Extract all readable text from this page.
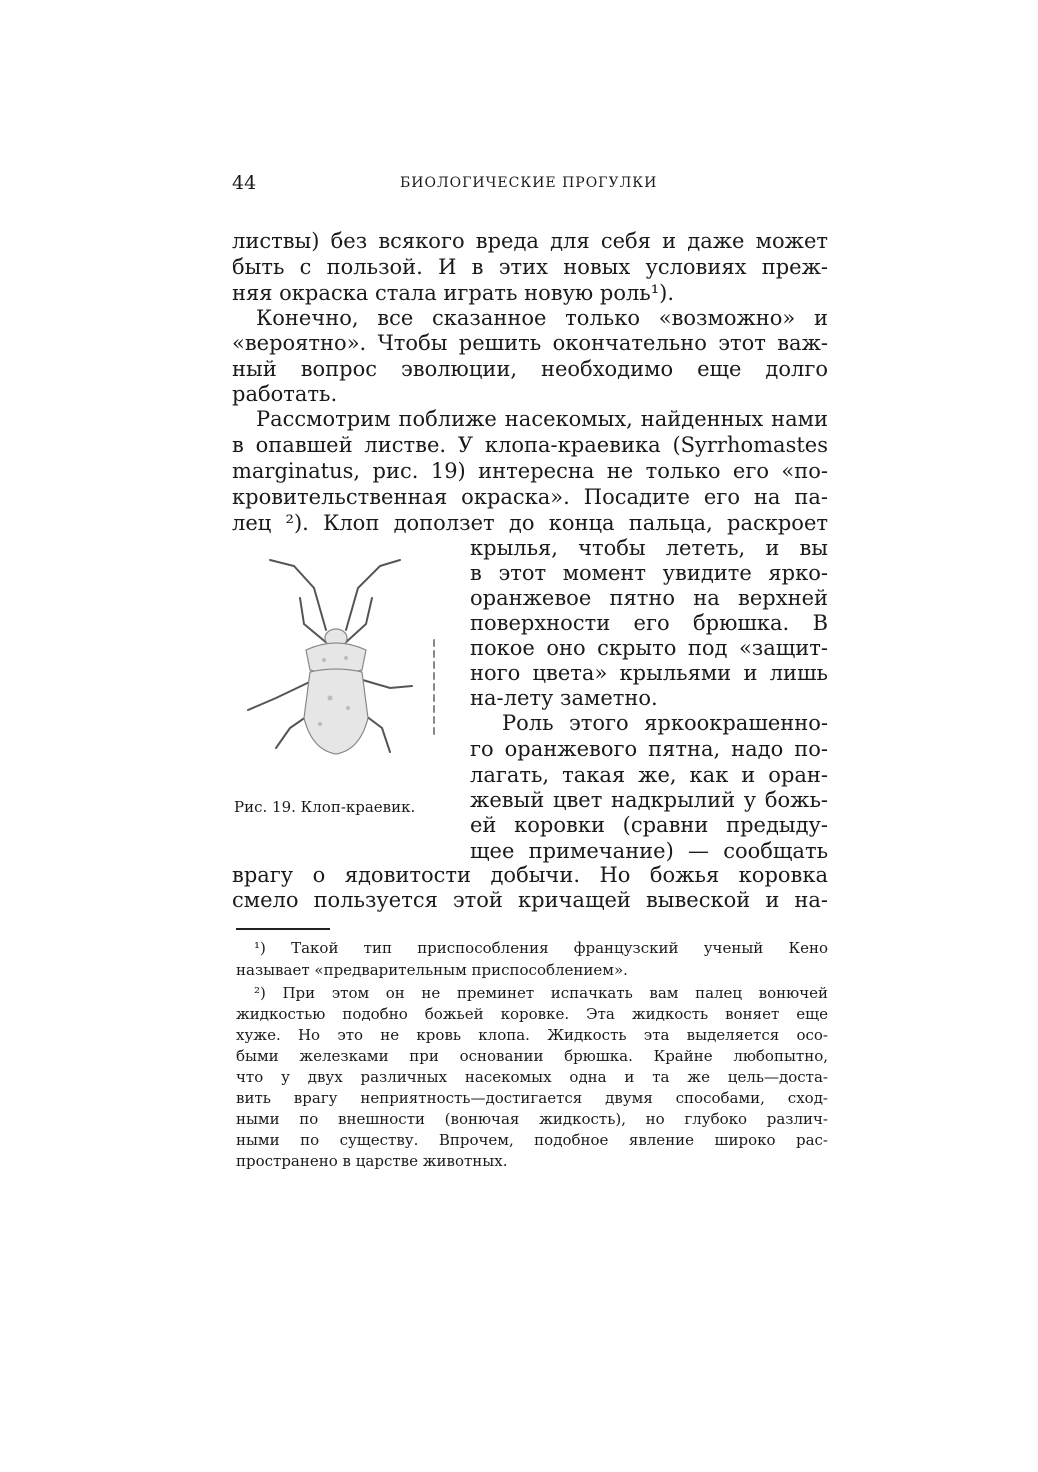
44	БИОЛОГИЧЕСКИЕ ПРОГУЛКИ
листвы) без всякого вреда для себя и даже может
быть с пользой. И в этих новых условиях преж-
няя окраска стала играть новую роль¹).
Конечно, все сказанное только «возможно» и
«вероятно». Чтобы решить окончательно этот важ-
ный вопрос эволюции, необходимо еще долго
работать.
Рассмотрим поближе насекомых, найденных нами
в опавшей листве. У клопа-краевика (Syrrhomastes
marginatus, рис. 19) интересна не только его «по-
кровительственная окраска». Посадите его на па-
лец ²). Клоп доползет до конца пальца, раскроет
крылья, чтобы лететь, и вы
в этот момент увидите ярко-
оранжевое пятно на верхней
поверхности его брюшка. В
покое оно скрыто под «защит-
ного цвета» крыльями и лишь
на-лету заметно.
Роль этого яркоокрашенно-
го оранжевого пятна, надо по-
лагать, такая же, как и оран-
жевый цвет надкрылий у божь-
ей коровки (сравни предыду-
щее примечание) — сообщать
врагу о ядовитости добычи. Но божья коровка
смело пользуется этой кричащей вывеской и на-
Рис. 19. Клоп-краевик.
¹) Такой тип приспособления французский ученый Кено
называет «предварительным приспособлением».
²) При этом он не преминет испачкать вам палец вонючей
жидкостью подобно божьей коровке. Эта жидкость воняет еще
хуже. Но это не кровь клопа. Жидкость эта выделяется осо-
быми железками при основании брюшка. Крайне любопытно,
что у двух различных насекомых одна и та же цель—доста-
вить врагу неприятность—достигается двумя способами, сход-
ными по внешности (вонючая жидкость), но глубоко различ-
ными по существу. Впрочем, подобное явление широко рас-
пространено в царстве животных.
